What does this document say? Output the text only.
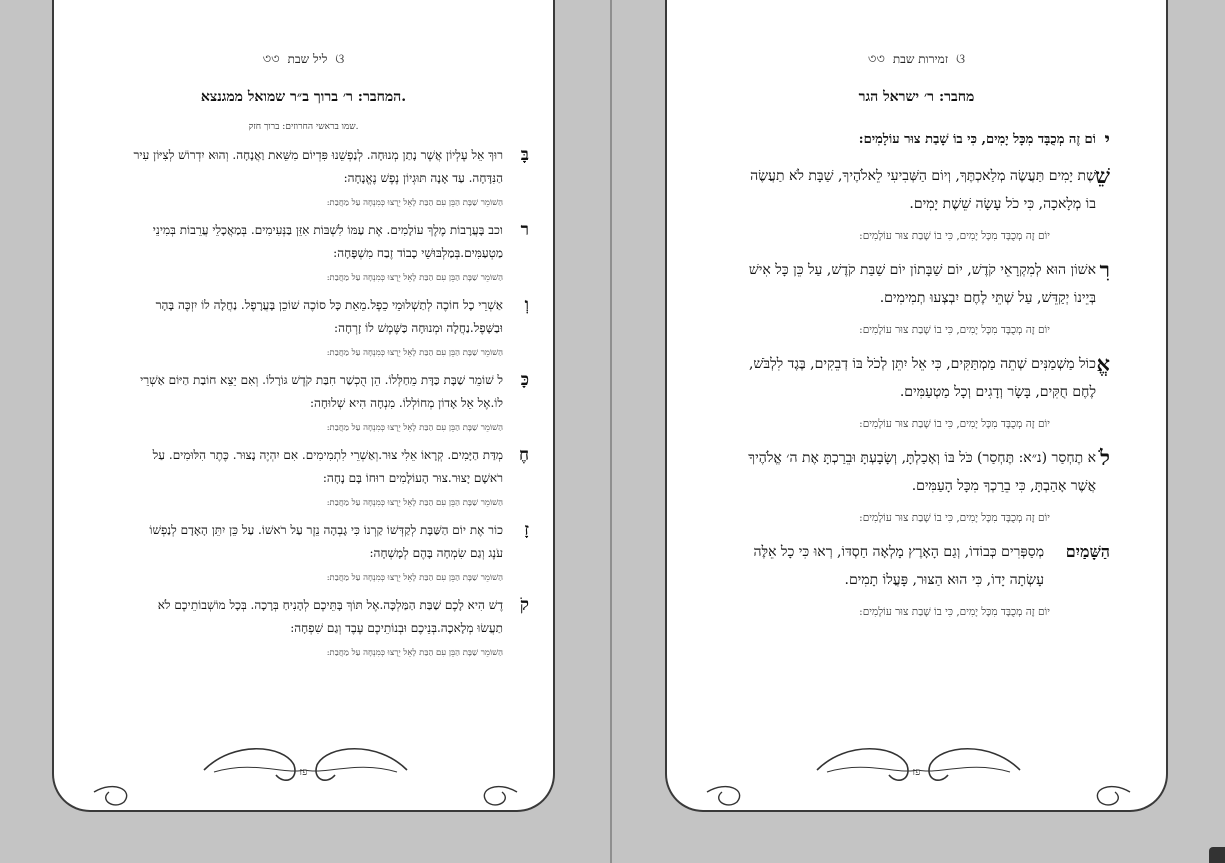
৩৩ ליל שבת ଓ
המחבר: ר׳ ברוך ב״ר שמואל ממגנצא.
שמו בראשי החרוזים: ברוך חזק.
בָּ
רוּךְ אֵל עֶלְיוֹן אֲשֶׁר נָתַן מְנוּחָה. לְנַפְשֵׁנוּ פִּדְיוֹם מִשֵּׁאת וַאֲנָחָה. וְהוּא יִדְרוֹשׁ לְצִיּוֹן עִיר הַנִּדָּחָה. עַד אָנָה תּוּגְיוֹן נֶפֶשׁ נֶאֱנָחָה:
הַשׁוֹמֵר שַׁבָּת הַבֵּן עִם הַבַּת לָאֵל יֵרָצוּ כְּמִנְחָה עַל מַחֲבַת:
ר
וכב בָּעֲרָבוֹת מֶלֶךְ עוֹלָמִים. אֶת עַמּוֹ לִשְׁבּוֹת אִזֵּן בַּנְּעִימִים. בְּמַאֲכָלֵי עֲרֵבוֹת בְּמִינֵי מַטְעַמִּים.בְּמַלְבּוּשֵׁי כָבוֹד זֶבַח מִשְׁפָּחָה:
הַשׁוֹמֵר שַׁבָּת הַבֵּן עִם הַבַּת לָאֵל יֵרָצוּ כְּמִנְחָה עַל מַחֲבַת:
וְ
אַשְׁרֵי כָל חוֹכֶה לְתַשְׁלוּמֵי כֵפֶל.מֵאֵת כָּל סוֹכֶה שׁוֹכֵן בָּעֲרָפֶל. נַחֲלָה לוֹ יִזְכֶּה בָּהָר וּבַשָּׁפֶל.נַחֲלָה וּמְנוּחָה כַּשֶּׁמֶשׁ לוֹ זָרְחָה:
הַשׁוֹמֵר שַׁבָּת הַבֵּן עִם הַבַּת לָאֵל יֵרָצוּ כְּמִנְחָה עַל מַחֲבַת:
כָּ
ל שׁוֹמֵר שַׁבָּת כַּדָּת מֵחַלְּלוֹ. הֵן הֻכְשַׁר חִבַּת קֹדֶשׁ גּוֹרָלוֹ. וְאִם יֵצֵא חוֹבַת הַיּוֹם אַשְׁרֵי לוֹ.אֶל אֵל אָדוֹן מְחוֹלְלוֹ. מִנְחָה הִיא שְׁלוּחָה:
הַשׁוֹמֵר שַׁבָּת הַבֵּן עִם הַבַּת לָאֵל יֵרָצוּ כְּמִנְחָה עַל מַחֲבַת:
חֶ
מְדַּת הַיָּמִים. קְרָאוֹ אֵלִי צוּר.וְאַשְׁרֵי לִתְמִימִים. אִם יִהְיֶה נָצוּר. כֶּתֶר הִלּוּמִים. עַל רֹאשָׁם יָצוּר.צוּר הָעוֹלָמִים רוּחוֹ בָּם נָחָה:
הַשׁוֹמֵר שַׁבָּת הַבֵּן עִם הַבַּת לָאֵל יֵרָצוּ כְּמִנְחָה עַל מַחֲבַת:
זָ
כוֹר אֶת יוֹם הַשַּׁבָּת לְקַדְּשׁוֹ קַרְנוֹ כִּי גָבְהָה נֵזֶר עַל רֹאשׁוֹ. עַל כֵּן יִתֵּן הָאָדָם לְנַפְשׁוֹ עֹנֶג וְגַם שִׂמְחָה בָּהֶם לְמָשְׁחָה:
הַשׁוֹמֵר שַׁבָּת הַבֵּן עִם הַבַּת לָאֵל יֵרָצוּ כְּמִנְחָה עַל מַחֲבַת:
קֹ
דֶשׁ הִיא לָכֶם שַׁבַּת הַמַּלְכָּה.אֶל תּוֹךְ בָּתֵּיכֶם לְהָנִיחַ בְּרָכָה. בְּכָל מוֹשְׁבוֹתֵיכֶם לֹא תַעֲשׂוּ מְלָאכָה.בְּנֵיכֶם וּבְנוֹתֵיכֶם עֶבֶד וְגַם שִׁפְחָה:
הַשׁוֹמֵר שַׁבָּת הַבֵּן עִם הַבַּת לָאֵל יֵרָצוּ כְּמִנְחָה עַל מַחֲבַת:
פז
৩৩ זמירות שבת ଓ
מחבר: ר׳ ישראל הגר
י
וֹם זֶה מְכֻבָּד מִכָּל יָמִים, כִּי בוֹ שָׁבַת צוּר עוֹלָמִים:
שֵׁ
שֶׁת יָמִים תַּעֲשֶׂה מְלַאכְתֶּךָ, וְיוֹם הַשְּׁבִיעִי לֵאלֹהֶיךָ, שַׁבָּת לֹא תַעֲשֶׂה בוֹ מְלָאכָה, כִּי כֹל עָשָׂה שֵׁשֶׁת יָמִים.
יוֹם זֶה מְכֻבָּד מִכָּל יָמִים, כִּי בוֹ שָׁבַת צוּר עוֹלָמִים:
רִ
אשׁוֹן הוּא לְמִקְרָאֵי קֹדֶשׁ, יוֹם שַׁבָּתוֹן יוֹם שַׁבַּת קֹדֶשׁ, עַל כֵּן כָּל אִישׁ בְּיֵינוֹ יְקַדֵּשׁ, עַל שְׁתֵּי לֶחֶם יִבְצְעוּ תְמִימִים.
יוֹם זֶה מְכֻבָּד מִכָּל יָמִים, כִּי בוֹ שָׁבַת צוּר עוֹלָמִים:
אֱ
כוֹל מַשְׁמַנִּים שְׁתֵה מַמְתַּקִּים, כִּי אֵל יִתֵּן לְכֹל בּוֹ דְבֵקִים, בֶּגֶד לִלְבֹּשׁ, לֶחֶם חֻקִּים, בָּשָׂר וְדָגִים וְכָל מַטְעַמִּים.
יוֹם זֶה מְכֻבָּד מִכָּל יָמִים, כִּי בוֹ שָׁבַת צוּר עוֹלָמִים:
לֹ
א תֶחְסַר (נ״א: תֶּחְסַר) כֹּל בּוֹ וְאָכַלְתָּ, וְשָׂבָעְתָּ וּבֵרַכְתָּ אֶת ה׳ אֱלֹהֶיךָ אֲשֶׁר אָהַבְתָּ, כִּי בֵרַכְךָ מִכָּל הָעַמִּים.
יוֹם זֶה מְכֻבָּד מִכָּל יָמִים, כִּי בוֹ שָׁבַת צוּר עוֹלָמִים:
הַשָּׁמַיִם
מְסַפְּרִים כְּבוֹדוֹ, וְגַם הָאָרֶץ מָלְאָה חַסְדּוֹ, רְאוּ כִּי כָל אֵלֶּה עָשְׂתָה יָדוֹ, כִּי הוּא הַצּוּר, פָּעֳלוֹ תָמִים.
יוֹם זֶה מְכֻבָּד מִכָּל יָמִים, כִּי בוֹ שָׁבַת צוּר עוֹלָמִים:
פז
